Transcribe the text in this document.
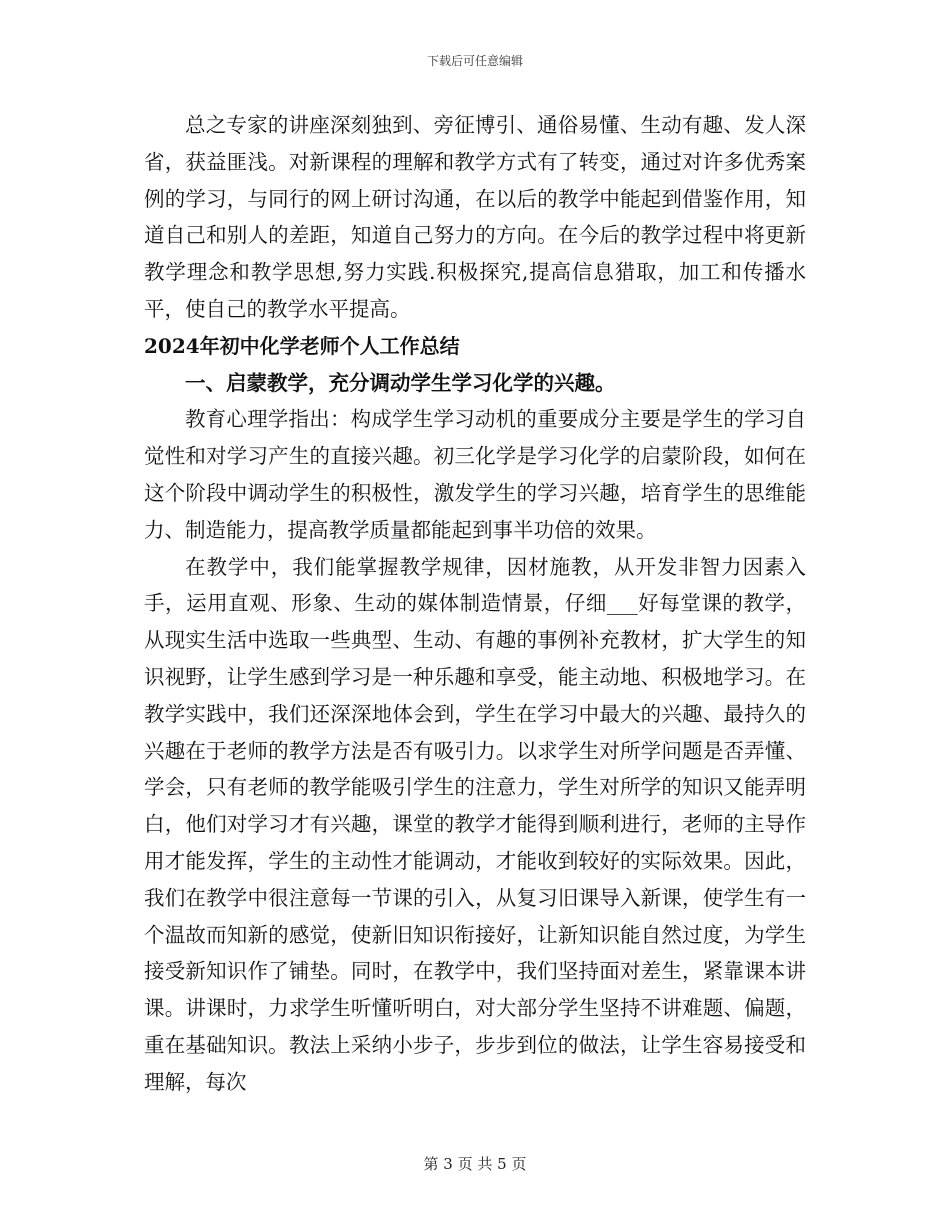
下载后可任意编辑

总之专家的讲座深刻独到、旁征博引、通俗易懂、生动有趣、发人深省，获益匪浅。对新课程的理解和教学方式有了转变，通过对许多优秀案例的学习，与同行的网上研讨沟通，在以后的教学中能起到借鉴作用，知道自己和别人的差距，知道自己努力的方向。在今后的教学过程中将更新教学理念和教学思想,努力实践.积极探究,提高信息猎取，加工和传播水平，使自己的教学水平提高。

2024年初中化学老师个人工作总结

一、启蒙教学，充分调动学生学习化学的兴趣。

教育心理学指出：构成学生学习动机的重要成分主要是学生的学习自觉性和对学习产生的直接兴趣。初三化学是学习化学的启蒙阶段，如何在这个阶段中调动学生的积极性，激发学生的学习兴趣，培育学生的思维能力、制造能力，提高教学质量都能起到事半功倍的效果。

在教学中，我们能掌握教学规律，因材施教，从开发非智力因素入手，运用直观、形象、生动的媒体制造情景，仔细___好每堂课的教学，从现实生活中选取一些典型、生动、有趣的事例补充教材，扩大学生的知识视野，让学生感到学习是一种乐趣和享受，能主动地、积极地学习。在教学实践中，我们还深深地体会到，学生在学习中最大的兴趣、最持久的兴趣在于老师的教学方法是否有吸引力。以求学生对所学问题是否弄懂、学会，只有老师的教学能吸引学生的注意力，学生对所学的知识又能弄明白，他们对学习才有兴趣，课堂的教学才能得到顺利进行，老师的主导作用才能发挥，学生的主动性才能调动，才能收到较好的实际效果。因此，我们在教学中很注意每一节课的引入，从复习旧课导入新课，使学生有一个温故而知新的感觉，使新旧知识衔接好，让新知识能自然过度，为学生接受新知识作了铺垫。同时，在教学中，我们坚持面对差生，紧靠课本讲课。讲课时，力求学生听懂听明白，对大部分学生坚持不讲难题、偏题，重在基础知识。教法上采纳小步子，步步到位的做法，让学生容易接受和理解，每次

第 3 页 共 5 页
